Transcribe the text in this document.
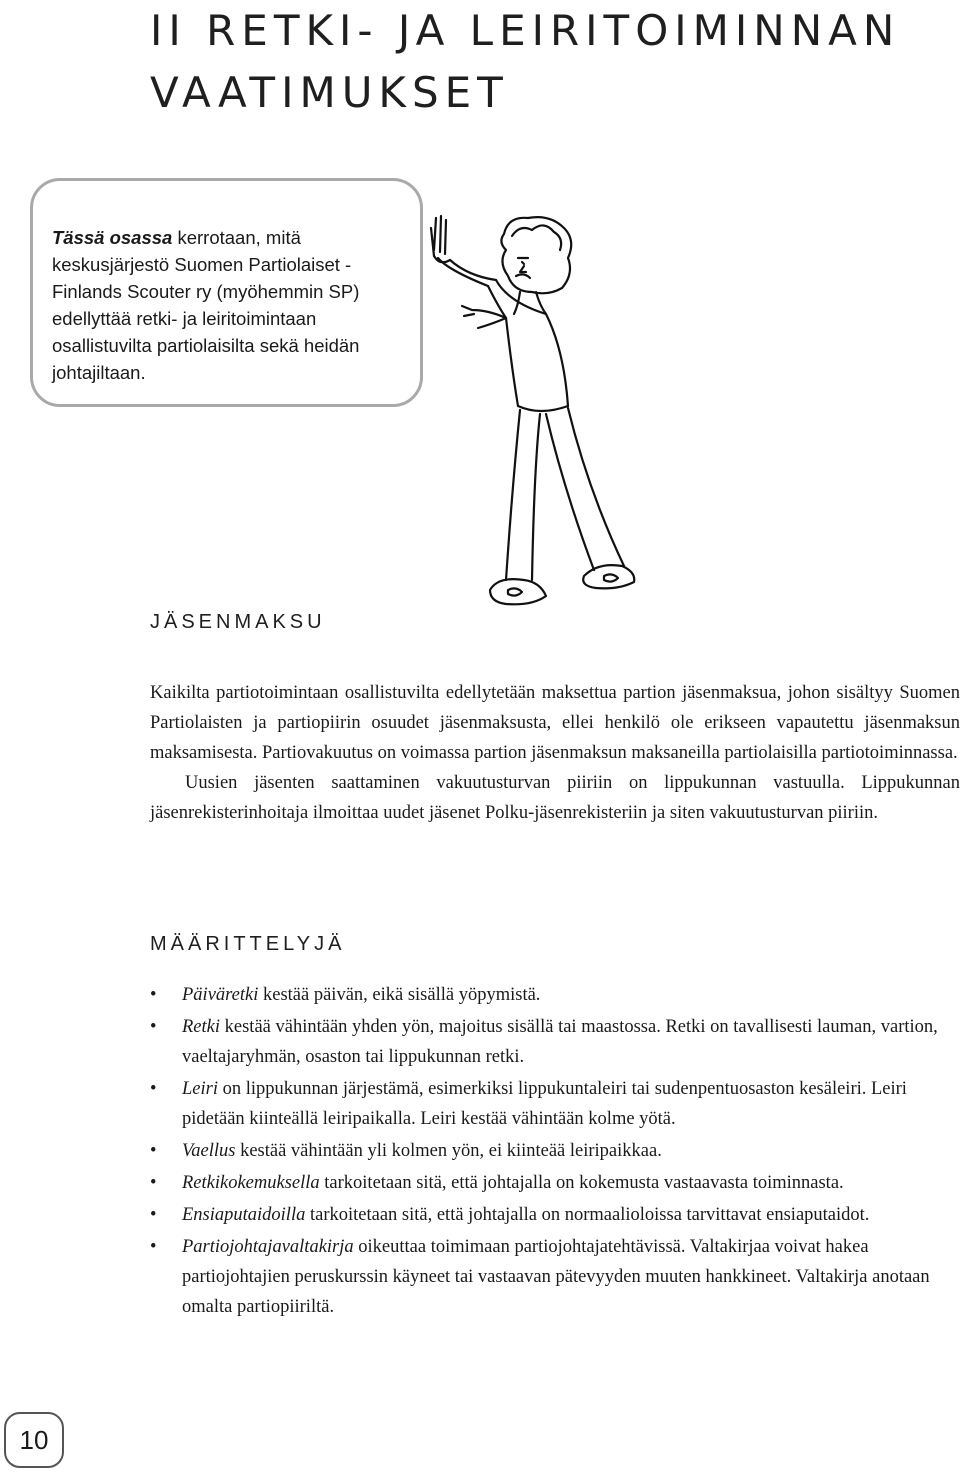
II RETKI- JA LEIRITOIMINNAN
VAATIMUKSET

Tässä osassa kerrotaan, mitä keskusjärjestö Suomen Partiolaiset - Finlands Scouter ry (myöhemmin SP) edellyttää retki- ja leiritoimintaan osallistuvilta partiolaisilta sekä heidän johtajiltaan.

JÄSENMAKSU

Kaikilta partiotoimintaan osallistuvilta edellytetään maksettua partion jäsenmaksua, johon sisältyy Suomen Partiolaisten ja partiopiirin osuudet jäsenmaksusta, ellei henkilö ole erikseen vapautettu jäsenmaksun maksamisesta. Partiovakuutus on voimassa partion jäsenmaksun maksaneilla partiolaisilla partiotoiminnassa.

Uusien jäsenten saattaminen vakuutusturvan piiriin on lippukunnan vastuulla. Lippukunnan jäsenrekisterinhoitaja ilmoittaa uudet jäsenet Polku-jäsenrekisteriin ja siten vakuutusturvan piiriin.

MÄÄRITTELYJÄ
• Päiväretki kestää päivän, eikä sisällä yöpymistä.
• Retki kestää vähintään yhden yön, majoitus sisällä tai maastossa. Retki on tavallisesti lauman, vartion, vaeltajaryhmän, osaston tai lippukunnan retki.
• Leiri on lippukunnan järjestämä, esimerkiksi lippukuntaleiri tai sudenpentuosaston kesäleiri. Leiri pidetään kiinteällä leiripaikalla. Leiri kestää vähintään kolme yötä.
• Vaellus kestää vähintään yli kolmen yön, ei kiinteää leiripaikkaa.
• Retkikokemuksella tarkoitetaan sitä, että johtajalla on kokemusta vastaavasta toiminnasta.
• Ensiaputaidoilla tarkoitetaan sitä, että johtajalla on normaalioloissa tarvittavat ensiaputaidot.
• Partiojohtajavaltakirja oikeuttaa toimimaan partiojohtajatehtävissä. Valtakirjaa voivat hakea partiojohtajien peruskurssin käyneet tai vastaavan pätevyyden muuten hankkineet. Valtakirja anotaan omalta partiopiiriltä.
10
